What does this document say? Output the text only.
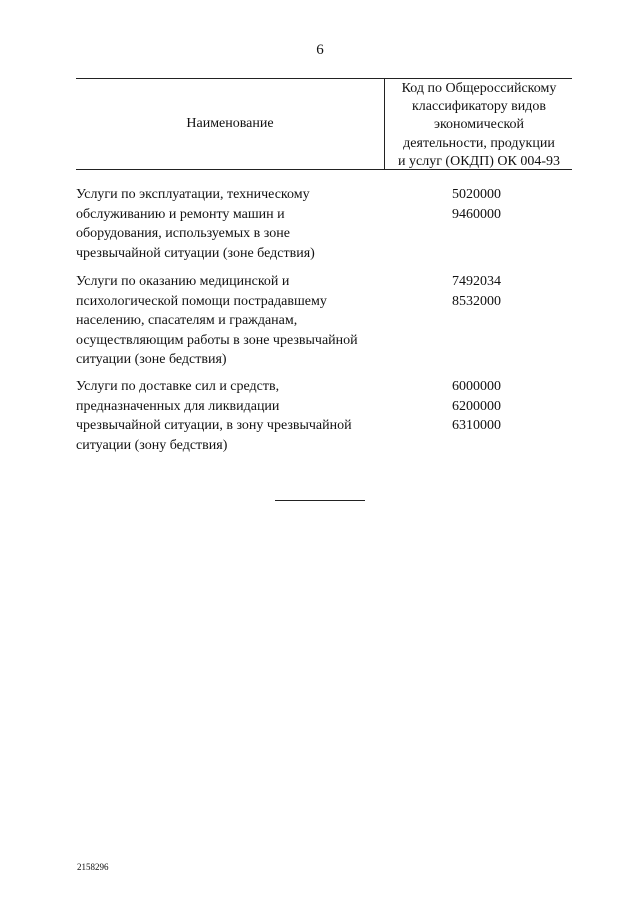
6
Наименование
Код по Общероссийскому
классификатору видов
экономической
деятельности, продукции
и услуг (ОКДП) ОК 004-93
Услуги по эксплуатации, техническому
обслуживанию и ремонту машин и
оборудования, используемых в зоне
чрезвычайной ситуации (зоне бедствия)
5020000
9460000
Услуги по оказанию медицинской и
психологической помощи пострадавшему
населению, спасателям и гражданам,
осуществляющим работы в зоне чрезвычайной
ситуации (зоне бедствия)
7492034
8532000
Услуги по доставке сил и средств,
предназначенных для ликвидации
чрезвычайной ситуации, в зону чрезвычайной
ситуации (зону бедствия)
6000000
6200000
6310000
2158296
